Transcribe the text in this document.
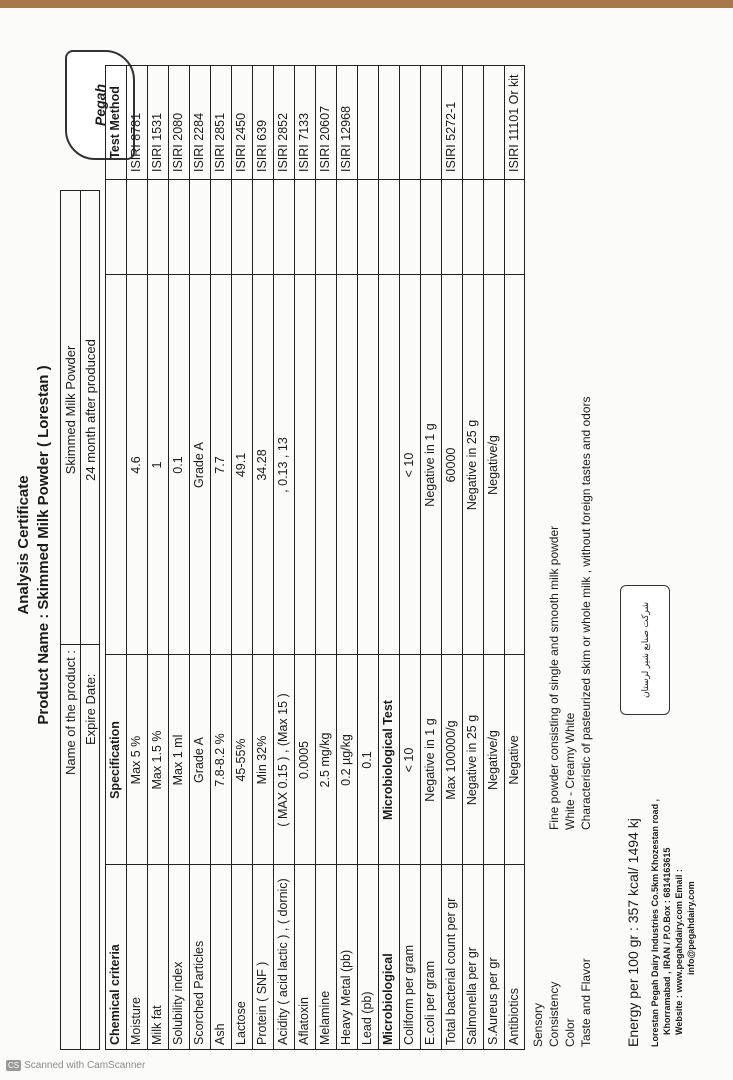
Analysis Certificate Product Name : Skimmed Milk Powder ( Lorestan )
Pegah
Name of the product : Expire Date:
Skimmed Milk Powder 24 month after produced
Chemical criteria
Specification
Test Method
Moisture
Max 5 %
4.6
ISIRI 8781
Milk fat
Max 1.5 %
1
ISIRI 1531
Solubility index
Max 1 ml
0.1
ISIRI 2080
Scorched Particles
Grade A
Grade A
ISIRI 2284
Ash
7.8-8.2 %
7.7
ISIRI 2851
Lactose
45-55%
49.1
ISIRI 2450
Protein ( SNF )
Min 32%
34.28
ISIRI 639
Acidity ( acid lactic ) , ( dornic)
( MAX 0.15 ) , (Max 15 )
, 0.13 , 13
ISIRI 2852
Aflatoxin
0.0005
ISIRI 7133
Melamine
2.5 mg/kg
ISIRI 20607
Heavy Metal (pb)
0.2 µg/kg
ISIRI 12968
Lead (pb)
0.1
Microbiological
Microbiological Test
Coliform per gram
< 10
< 10
E.coli per gram
Negative in 1 g
Negative in 1 g
Total bacterial count per gr
Max 100000/g
60000
ISIRI 5272-1
Salmonella per gr
Negative in 25 g
Negative in 25 g
S.Aureus per gr
Negative/g
Negative/g
Antibiotics
Negative
ISIRI 11101 Or kit
Sensory Consistency Color Taste and Flavor
Fine powder consisting of single and smooth milk powder White - Creamy White Characteristic of pasteurized skim or whole milk , without foreign tastes and odors
Energy per 100 gr : 357 kcal/ 1494 kj Lorestan Pegah Dairy Industries Co.5km Khozestan road , Khorramabad , IRAN / P.O.Box : 6814163615 Website : www.pegahdairy.com Email : info@pegahdairy.com
شرکت صنایع شیر لرستان
CS Scanned with CamScanner
